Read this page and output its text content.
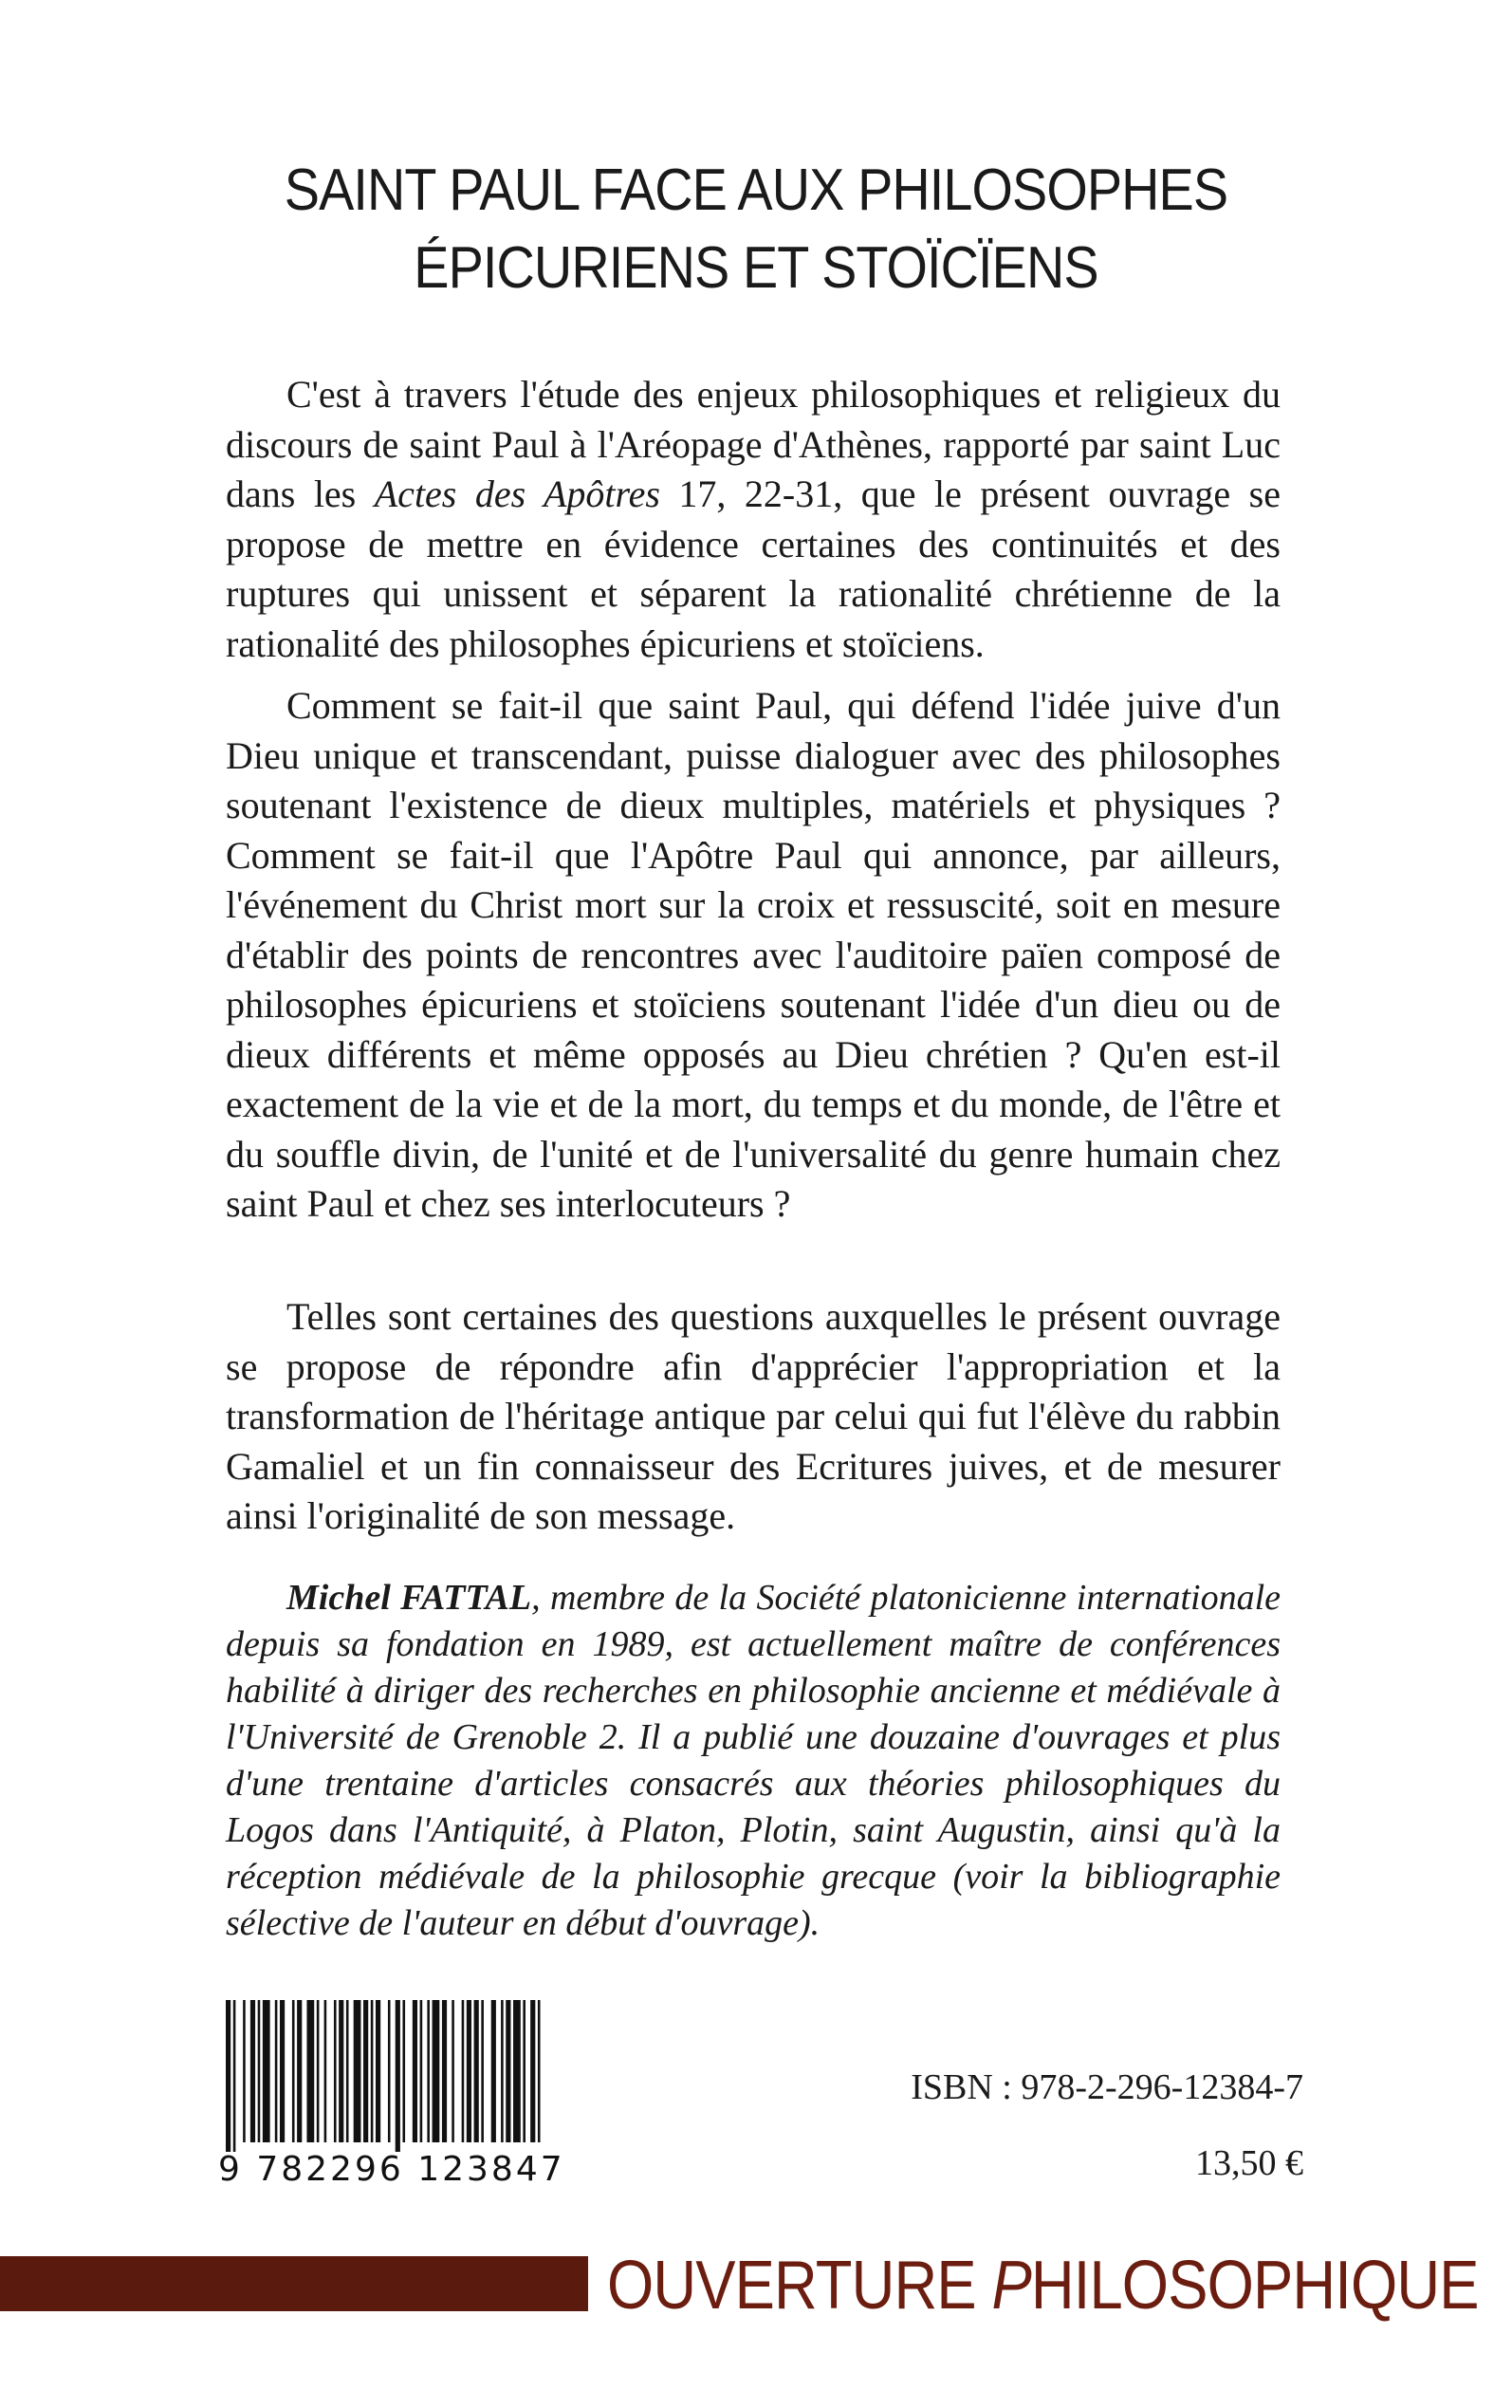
SAINT PAUL FACE AUX PHILOSOPHES
ÉPICURIENS ET STOÏCÏENS

C'est à travers l'étude des enjeux philosophiques et religieux du discours de saint Paul à l'Aréopage d'Athènes, rapporté par saint Luc dans les Actes des Apôtres 17, 22-31, que le présent ouvrage se propose de mettre en évidence certaines des continuités et des ruptures qui unissent et séparent la rationalité chrétienne de la rationalité des philosophes épicuriens et stoïciens.

Comment se fait-il que saint Paul, qui défend l'idée juive d'un Dieu unique et transcendant, puisse dialoguer avec des philosophes soutenant l'existence de dieux multiples, matériels et physiques ? Comment se fait-il que l'Apôtre Paul qui annonce, par ailleurs, l'événement du Christ mort sur la croix et ressuscité, soit en mesure d'établir des points de rencontres avec l'auditoire païen composé de philosophes épicuriens et stoïciens soutenant l'idée d'un dieu ou de dieux différents et même opposés au Dieu chrétien ? Qu'en est-il exactement de la vie et de la mort, du temps et du monde, de l'être et du souffle divin, de l'unité et de l'universalité du genre humain chez saint Paul et chez ses interlocuteurs ?

Telles sont certaines des questions auxquelles le présent ouvrage se propose de répondre afin d'apprécier l'appropriation et la transformation de l'héritage antique par celui qui fut l'élève du rabbin Gamaliel et un fin connaisseur des Ecritures juives, et de mesurer ainsi l'originalité de son message.

Michel FATTAL, membre de la Société platonicienne internationale depuis sa fondation en 1989, est actuellement maître de conférences habilité à diriger des recherches en philosophie ancienne et médiévale à l'Université de Grenoble 2. Il a publié une douzaine d'ouvrages et plus d'une trentaine d'articles consacrés aux théories philosophiques du Logos dans l'Antiquité, à Platon, Plotin, saint Augustin, ainsi qu'à la réception médiévale de la philosophie grecque (voir la bibliographie sélective de l'auteur en début d'ouvrage).

9 782296 123847
ISBN : 978-2-296-12384-7
13,50 €
OUVERTURE PHILOSOPHIQUE
